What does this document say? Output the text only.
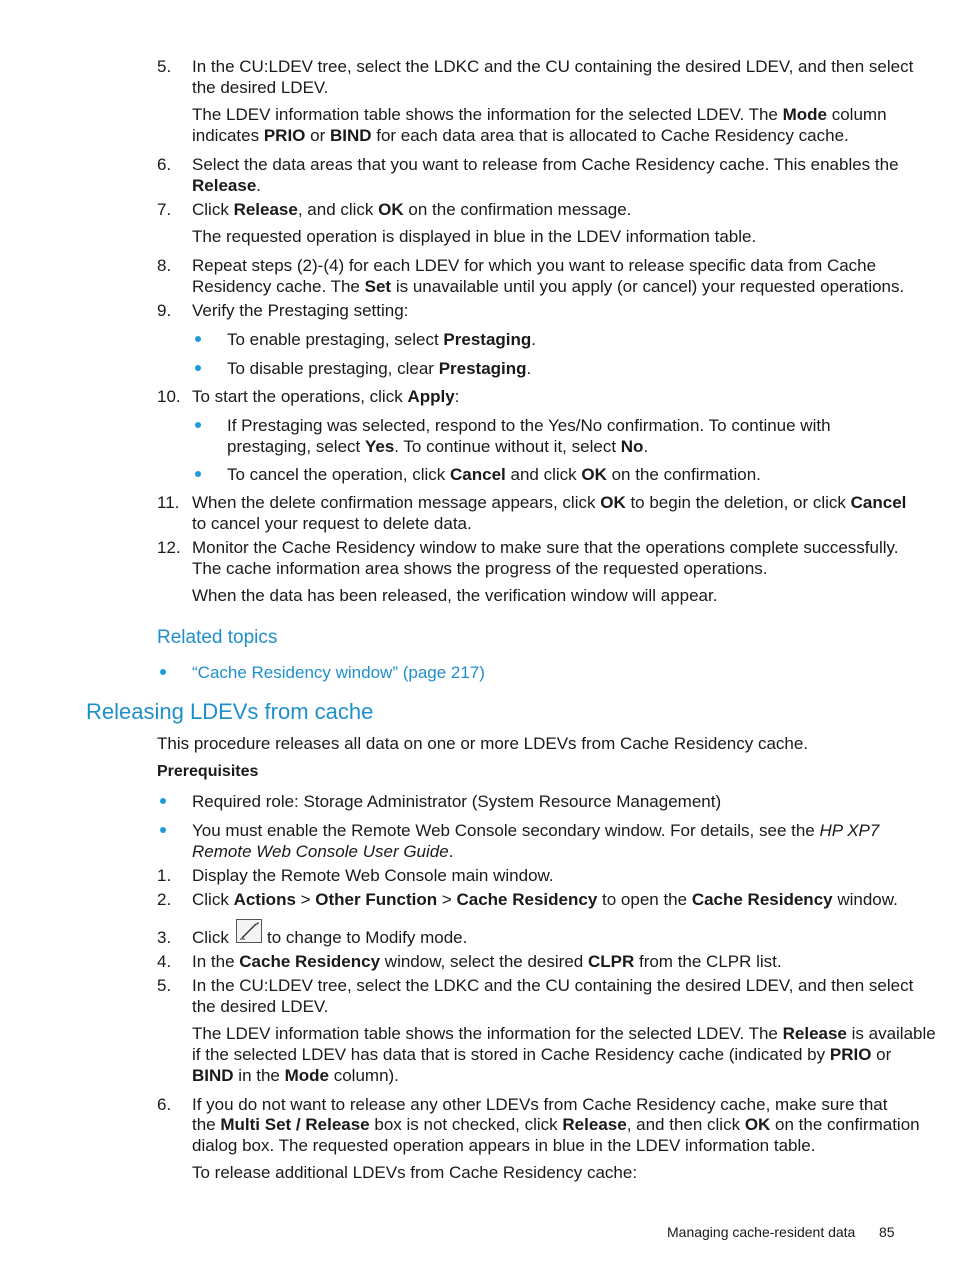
5. In the CU:LDEV tree, select the LDKC and the CU containing the desired LDEV, and then select
the desired LDEV.
The LDEV information table shows the information for the selected LDEV. The Mode column
indicates PRIO or BIND for each data area that is allocated to Cache Residency cache.
6. Select the data areas that you want to release from Cache Residency cache. This enables the
Release.
7. Click Release, and click OK on the confirmation message.
The requested operation is displayed in blue in the LDEV information table.
8. Repeat steps (2)-(4) for each LDEV for which you want to release specific data from Cache
Residency cache. The Set is unavailable until you apply (or cancel) your requested operations.
9. Verify the Prestaging setting:
To enable prestaging, select Prestaging.
To disable prestaging, clear Prestaging.
10. To start the operations, click Apply:
If Prestaging was selected, respond to the Yes/No confirmation. To continue with
prestaging, select Yes. To continue without it, select No.
To cancel the operation, click Cancel and click OK on the confirmation.
11. When the delete confirmation message appears, click OK to begin the deletion, or click Cancel
to cancel your request to delete data.
12. Monitor the Cache Residency window to make sure that the operations complete successfully.
The cache information area shows the progress of the requested operations.
When the data has been released, the verification window will appear.
Related topics
“Cache Residency window” (page 217)
Releasing LDEVs from cache
This procedure releases all data on one or more LDEVs from Cache Residency cache.
Prerequisites
Required role: Storage Administrator (System Resource Management)
You must enable the Remote Web Console secondary window. For details, see the HP XP7
Remote Web Console User Guide.
1. Display the Remote Web Console main window.
2. Click Actions > Other Function > Cache Residency to open the Cache Residency window.
3. Click to change to Modify mode.
4. In the Cache Residency window, select the desired CLPR from the CLPR list.
5. In the CU:LDEV tree, select the LDKC and the CU containing the desired LDEV, and then select
the desired LDEV.
The LDEV information table shows the information for the selected LDEV. The Release is available
if the selected LDEV has data that is stored in Cache Residency cache (indicated by PRIO or
BIND in the Mode column).
6. If you do not want to release any other LDEVs from Cache Residency cache, make sure that
the Multi Set / Release box is not checked, click Release, and then click OK on the confirmation
dialog box. The requested operation appears in blue in the LDEV information table.
To release additional LDEVs from Cache Residency cache:
Managing cache-resident data 85
